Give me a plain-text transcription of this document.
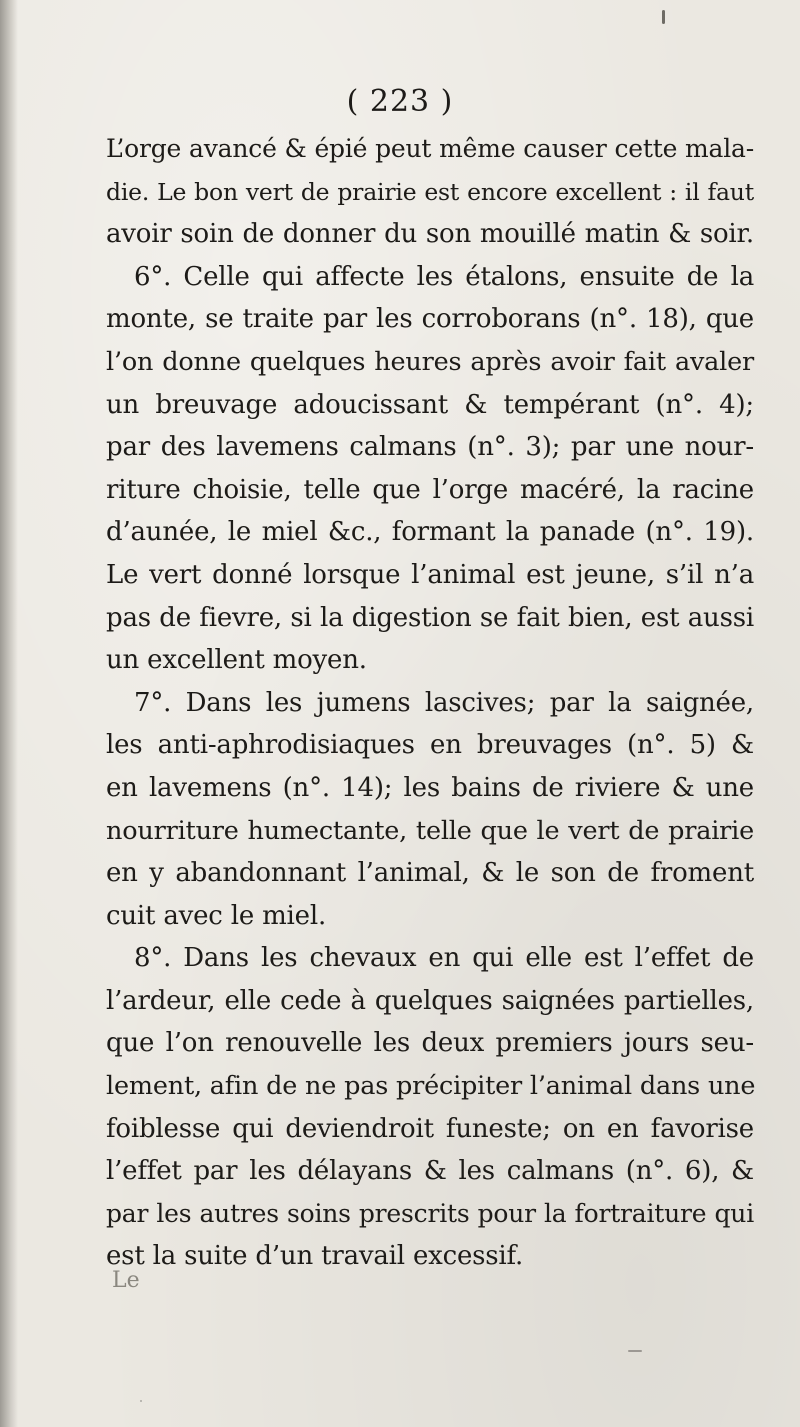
( 223 )
L’orge avancé & épié peut même causer cette mala-
die. Le bon vert de prairie est encore excellent : il faut
avoir soin de donner du son mouillé matin & soir.
6°. Celle qui affecte les étalons, ensuite de la
monte, se traite par les corroborans (n°. 18), que
l’on donne quelques heures après avoir fait avaler
un breuvage adoucissant & tempérant (n°. 4);
par des lavemens calmans (n°. 3); par une nour-
riture choisie, telle que l’orge macéré, la racine
d’aunée, le miel &c., formant la panade (n°. 19).
Le vert donné lorsque l’animal est jeune, s’il n’a
pas de fievre, si la digestion se fait bien, est aussi
un excellent moyen.
7°. Dans les jumens lascives; par la saignée,
les anti-aphrodisiaques en breuvages (n°. 5) &
en lavemens (n°. 14); les bains de riviere & une
nourriture humectante, telle que le vert de prairie
en y abandonnant l’animal, & le son de froment
cuit avec le miel.
8°. Dans les chevaux en qui elle est l’effet de
l’ardeur, elle cede à quelques saignées partielles,
que l’on renouvelle les deux premiers jours seu-
lement, afin de ne pas précipiter l’animal dans une
foiblesse qui deviendroit funeste; on en favorise
l’effet par les délayans & les calmans (n°. 6), &
par les autres soins prescrits pour la fortraiture qui
est la suite d’un travail excessif.
Le
